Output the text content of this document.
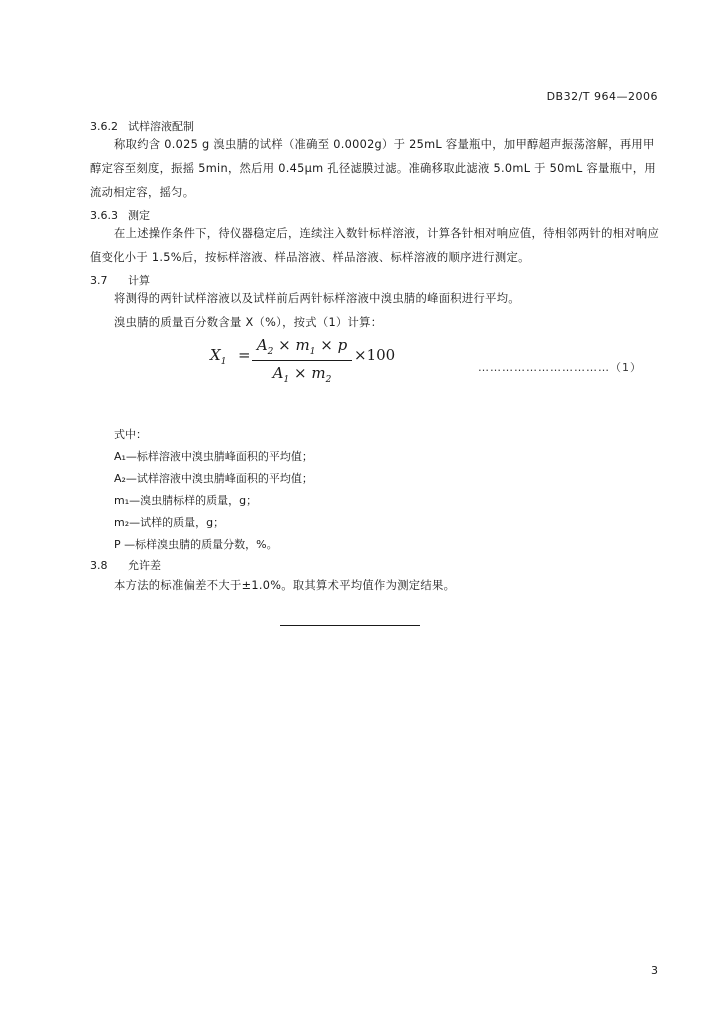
DB32/T 964—2006
3.6.2 试样溶液配制
称取约含 0.025 g 溴虫腈的试样（准确至 0.0002g）于 25mL 容量瓶中，加甲醇超声振荡溶解，再用甲醇定容至刻度，振摇 5min，然后用 0.45μm 孔径滤膜过滤。准确移取此滤液 5.0mL 于 50mL 容量瓶中，用流动相定容，摇匀。
3.6.3 测定
在上述操作条件下，待仪器稳定后，连续注入数针标样溶液，计算各针相对响应值，待相邻两针的相对响应值变化小于 1.5%后，按标样溶液、样品溶液、样品溶液、标样溶液的顺序进行测定。
3.7 计算
将测得的两针试样溶液以及试样前后两针标样溶液中溴虫腈的峰面积进行平均。
溴虫腈的质量百分数含量 X（%），按式（1）计算：
$X_1$ =
$A_2 \times m_1 \times p$
$A_1 \times m_2$
×100
……………………………（1）
式中：
A₁—标样溶液中溴虫腈峰面积的平均值；
A₂—试样溶液中溴虫腈峰面积的平均值；
m₁—溴虫腈标样的质量，g；
m₂—试样的质量，g；
P —标样溴虫腈的质量分数，%。
3.8 允许差
本方法的标准偏差不大于±1.0%。取其算术平均值作为测定结果。
3
